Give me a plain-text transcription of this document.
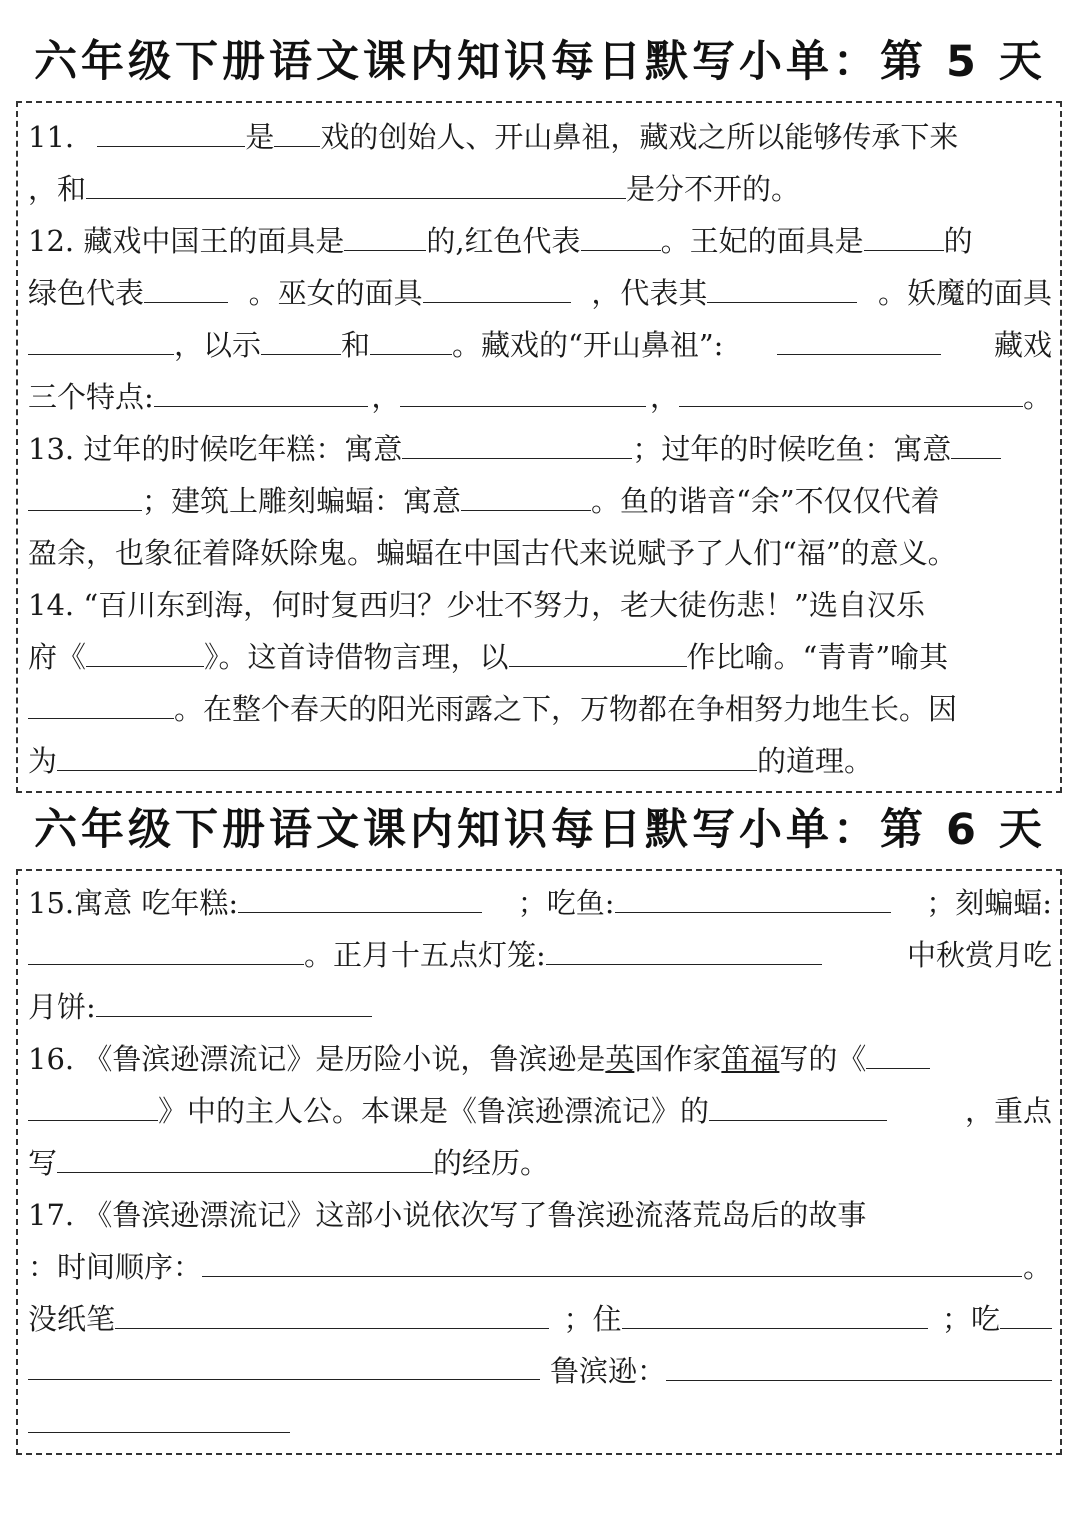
六年级下册语文课内知识每日默写小单：第 5 天
11.	是 戏的创始人、开山鼻祖，藏戏之所以能够传承下来
，和	是分不开的。
12. 藏戏中国王的面具是	的,红色代表	。王妃的面具是	的
绿色代表	。巫女的面具	，代表其	。妖魔的面具
，以示	和	。藏戏的“开山鼻祖”:	藏戏
三个特点:	，	，	。
13. 过年的时候吃年糕：寓意	；过年的时候吃鱼：寓意
；建筑上雕刻蝙蝠：寓意	。鱼的谐音“余”不仅仅代着
盈余，也象征着降妖除鬼。蝙蝠在中国古代来说赋予了人们“福”的意义。
14. “百川东到海，何时复西归？少壮不努力，老大徒伤悲！”选自汉乐
府《	》。这首诗借物言理，以	作比喻。“青青”喻其
。在整个春天的阳光雨露之下，万物都在争相努力地生长。因
为	的道理。
六年级下册语文课内知识每日默写小单：第 6 天
15.寓意 吃年糕:	；吃鱼:	；刻蝙蝠:
。正月十五点灯笼:	中秋赏月吃
月饼:
16. 《鲁滨逊漂流记》是历险小说，鲁滨逊是英国作家笛福写的《
》中的主人公。本课是《鲁滨逊漂流记》的	，重点
写	的经历。
17. 《鲁滨逊漂流记》这部小说依次写了鲁滨逊流落荒岛后的故事
：时间顺序：	。
没纸笔	；住	；吃
鲁滨逊：
